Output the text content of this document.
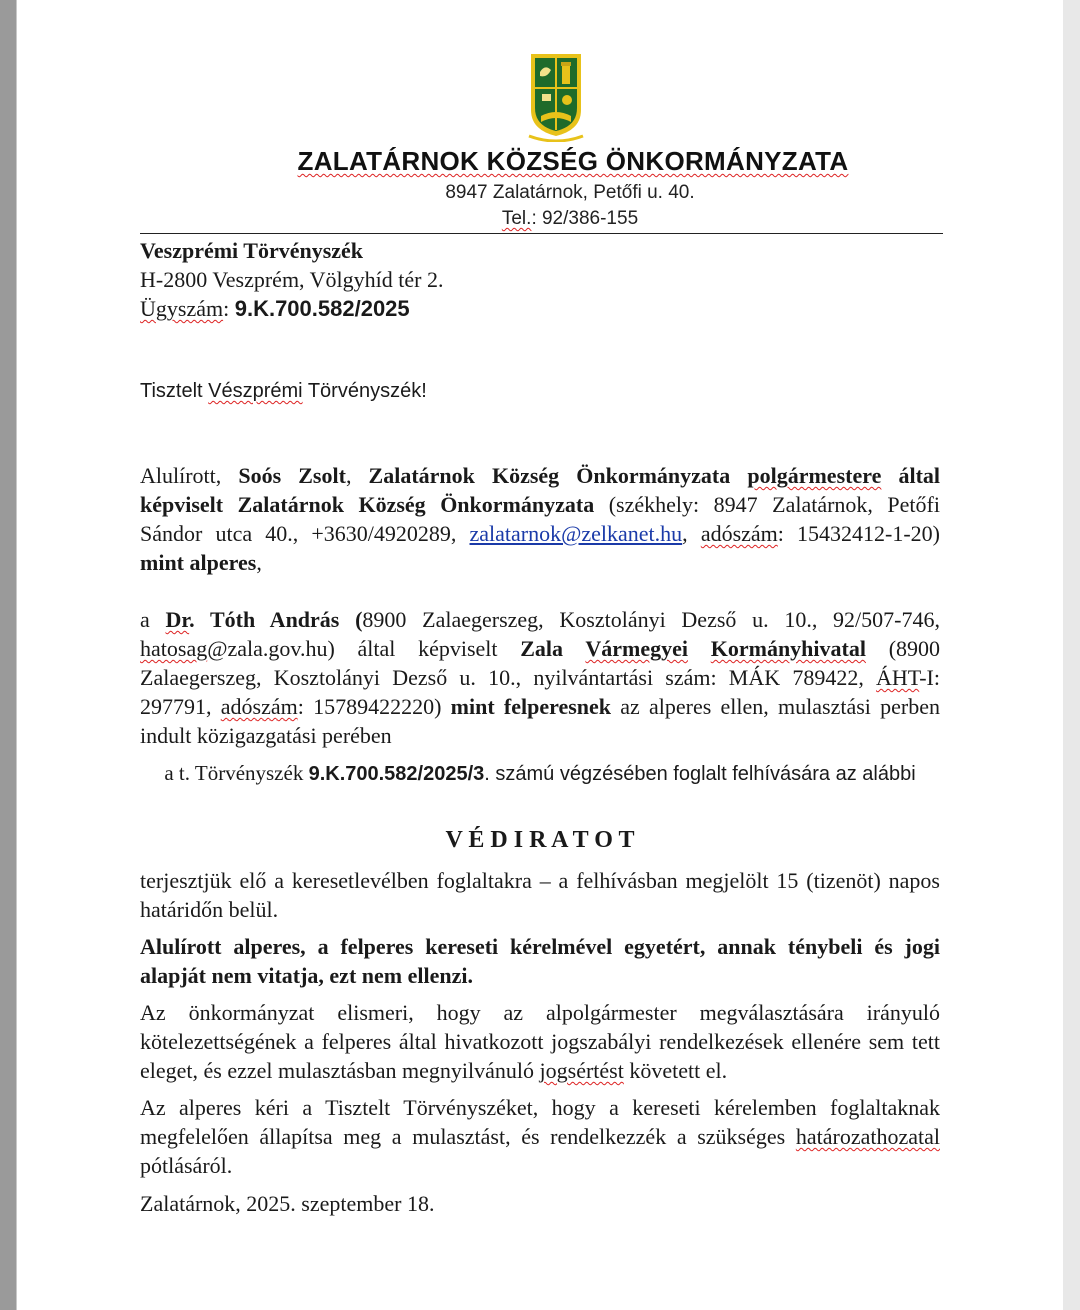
ZALATÁRNOK KÖZSÉG ÖNKORMÁNYZATA
8947 Zalatárnok, Petőfi u. 40.
Tel.: 92/386-155
Veszprémi Törvényszék
H-2800 Veszprém, Völgyhíd tér 2.
Ügyszám: 9.K.700.582/2025
Tisztelt Vészprémi Törvényszék!
Alulírott, Soós Zsolt, Zalatárnok Község Önkormányzata polgármestere által képviselt Zalatárnok Község Önkormányzata (székhely: 8947 Zalatárnok, Petőfi Sándor utca 40., +3630/4920289, zalatarnok@zelkanet.hu, adószám: 15432412-1-20) mint alperes,
a Dr. Tóth András (8900 Zalaegerszeg, Kosztolányi Dezső u. 10., 92/507-746, hatosag@zala.gov.hu) által képviselt Zala Vármegyei Kormányhivatal (8900 Zalaegerszeg, Kosztolányi Dezső u. 10., nyilvántartási szám: MÁK 789422, ÁHT-I: 297791, adószám: 15789422220) mint felperesnek az alperes ellen, mulasztási perben indult közigazgatási perében
a t. Törvényszék 9.K.700.582/2025/3. számú végzésében foglalt felhívására az alábbi
V É D I R A T O T
terjesztjük elő a keresetlevélben foglaltakra – a felhívásban megjelölt 15 (tizenöt) napos határidőn belül.
Alulírott alperes, a felperes kereseti kérelmével egyetért, annak ténybeli és jogi alapját nem vitatja, ezt nem ellenzi.
Az önkormányzat elismeri, hogy az alpolgármester megválasztására irányuló kötelezettségének a felperes által hivatkozott jogszabályi rendelkezések ellenére sem tett eleget, és ezzel mulasztásban megnyilvánuló jogsértést követett el.
Az alperes kéri a Tisztelt Törvényszéket, hogy a kereseti kérelemben foglaltaknak megfelelően állapítsa meg a mulasztást, és rendelkezzék a szükséges határozathozatal pótlásáról.
Zalatárnok, 2025. szeptember 18.
